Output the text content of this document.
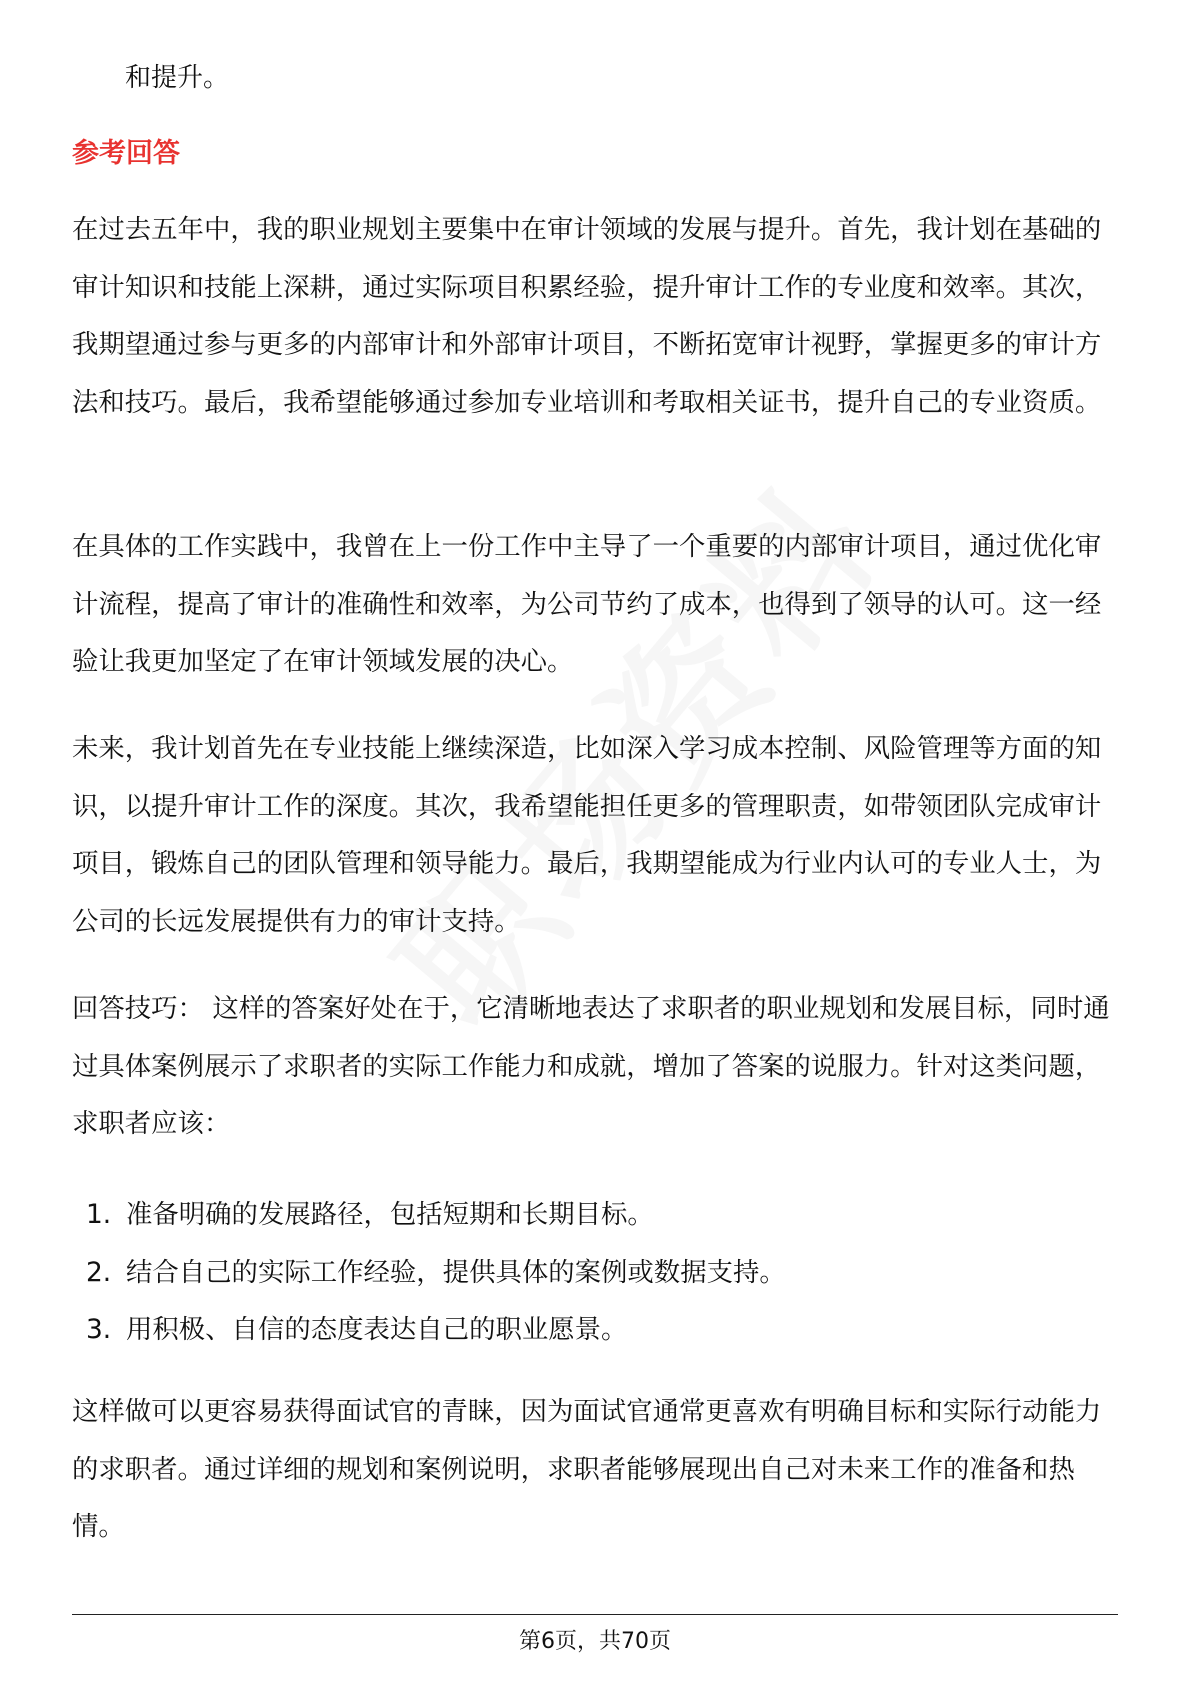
和提升。
参考回答

在过去五年中，我的职业规划主要集中在审计领域的发展与提升。首先，我计划在基础的审计知识和技能上深耕，通过实际项目积累经验，提升审计工作的专业度和效率。其次，我期望通过参与更多的内部审计和外部审计项目，不断拓宽审计视野，掌握更多的审计方法和技巧。最后，我希望能够通过参加专业培训和考取相关证书，提升自己的专业资质。

在具体的工作实践中，我曾在上一份工作中主导了一个重要的内部审计项目，通过优化审计流程，提高了审计的准确性和效率，为公司节约了成本，也得到了领导的认可。这一经验让我更加坚定了在审计领域发展的决心。

未来，我计划首先在专业技能上继续深造，比如深入学习成本控制、风险管理等方面的知识，以提升审计工作的深度。其次，我希望能担任更多的管理职责，如带领团队完成审计项目，锻炼自己的团队管理和领导能力。最后，我期望能成为行业内认可的专业人士，为公司的长远发展提供有力的审计支持。

回答技巧： 这样的答案好处在于，它清晰地表达了求职者的职业规划和发展目标，同时通过具体案例展示了求职者的实际工作能力和成就，增加了答案的说服力。针对这类问题，求职者应该：

1. 准备明确的发展路径，包括短期和长期目标。
2. 结合自己的实际工作经验，提供具体的案例或数据支持。
3. 用积极、自信的态度表达自己的职业愿景。

这样做可以更容易获得面试官的青睐，因为面试官通常更喜欢有明确目标和实际行动能力的求职者。通过详细的规划和案例说明，求职者能够展现出自己对未来工作的准备和热情。

第6页，共70页
